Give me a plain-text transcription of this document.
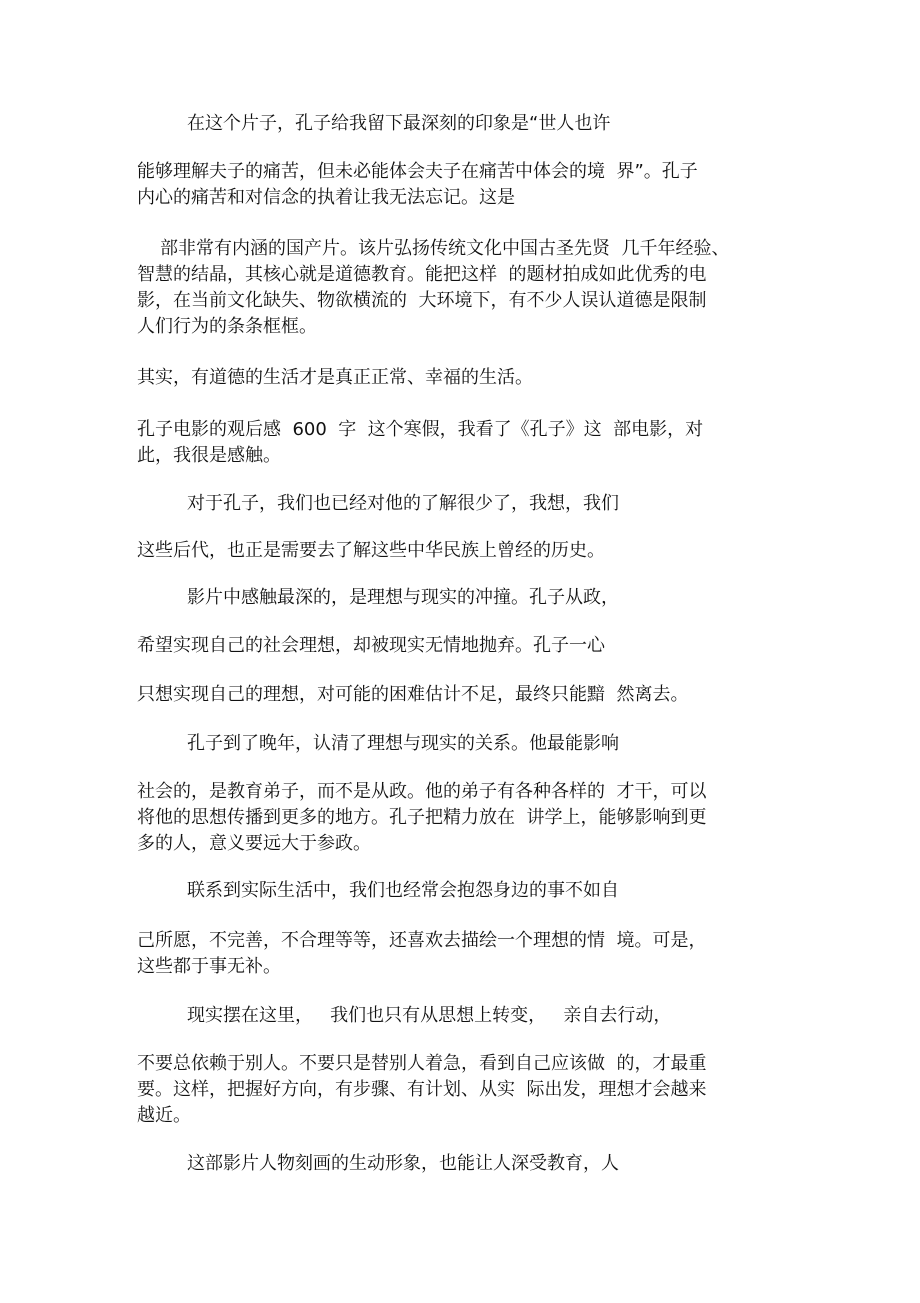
在这个片子，孔子给我留下最深刻的印象是“世人也许

能够理解夫子的痛苦，但未必能体会夫子在痛苦中体会的境  界”。孔子

内心的痛苦和对信念的执着让我无法忘记。这是

部非常有内涵的国产片。该片弘扬传统文化中国古圣先贤  几千年经验、

智慧的结晶，其核心就是道德教育。能把这样  的题材拍成如此优秀的电

影，在当前文化缺失、物欲横流的  大环境下，有不少人误认道德是限制

人们行为的条条框框。

其实，有道德的生活才是真正正常、幸福的生活。

孔子电影的观后感  600  字  这个寒假，我看了《孔子》这  部电影，对

此，我很是感触。

对于孔子，我们也已经对他的了解很少了，我想，我们

这些后代，也正是需要去了解这些中华民族上曾经的历史。

影片中感触最深的，是理想与现实的冲撞。孔子从政，

希望实现自己的社会理想，却被现实无情地抛弃。孔子一心

只想实现自己的理想，对可能的困难估计不足，最终只能黯  然离去。

孔子到了晚年，认清了理想与现实的关系。他最能影响

社会的，是教育弟子，而不是从政。他的弟子有各种各样的  才干，可以

将他的思想传播到更多的地方。孔子把精力放在  讲学上，能够影响到更

多的人，意义要远大于参政。

联系到实际生活中，我们也经常会抱怨身边的事不如自

己所愿，不完善，不合理等等，还喜欢去描绘一个理想的情  境。可是，

这些都于事无补。

现实摆在这里，   我们也只有从思想上转变，   亲自去行动，

不要总依赖于别人。不要只是替别人着急，看到自己应该做  的，才最重

要。这样，把握好方向，有步骤、有计划、从实  际出发，理想才会越来

越近。

这部影片人物刻画的生动形象，也能让人深受教育，人
